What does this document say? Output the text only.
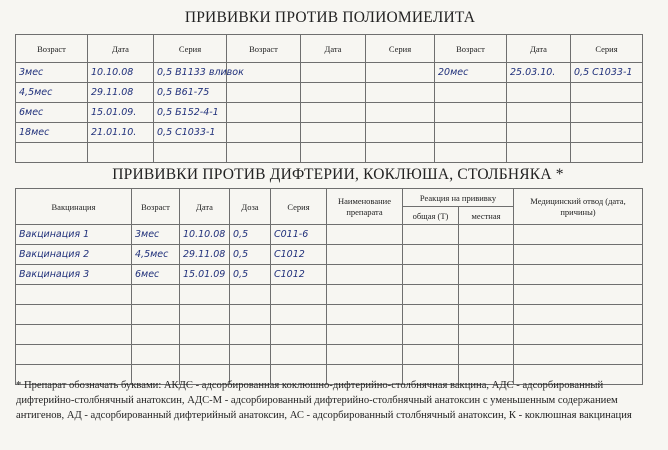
ПРИВИВКИ ПРОТИВ ПОЛИОМИЕЛИТА
Возраст	Дата	Серия	Возраст	Дата	Серия	Возраст	Дата	Серия
3мес	10.10.08	0,5 В1133 вливок				20мес	25.03.10.	0,5 С1033-1
4,5мес	29.11.08	0,5 В61-75						
6мес	15.01.09.	0,5 Б152-4-1						
18мес	21.01.10.	0,5 С1033-1						

ПРИВИВКИ ПРОТИВ ДИФТЕРИИ, КОКЛЮША, СТОЛБНЯКА *
Вакцинация	Возраст	Дата	Доза	Серия	Наименование препарата	Реакция на прививку		Медицинский отвод (дата, причины)
						общая (Т)	местная	
Вакцинация 1	3мес	10.10.08	0,5	С011-6				
Вакцинация 2	4,5мес	29.11.08	0,5	С1012				
Вакцинация 3	6мес	15.01.09	0,5	С1012				

* Препарат обозначать буквами: АКДС - адсорбированная коклюшно-дифтерийно-столбнячная вакцина, АДС - адсорбированный дифтерийно-столбнячный анатоксин, АДС-М - адсорбированный дифтерийно-столбнячный анатоксин с уменьшенным содержанием антигенов, АД - адсорбированный дифтерийный анатоксин, АС - адсорбированный столбнячный анатоксин, К - коклюшная вакцинация
